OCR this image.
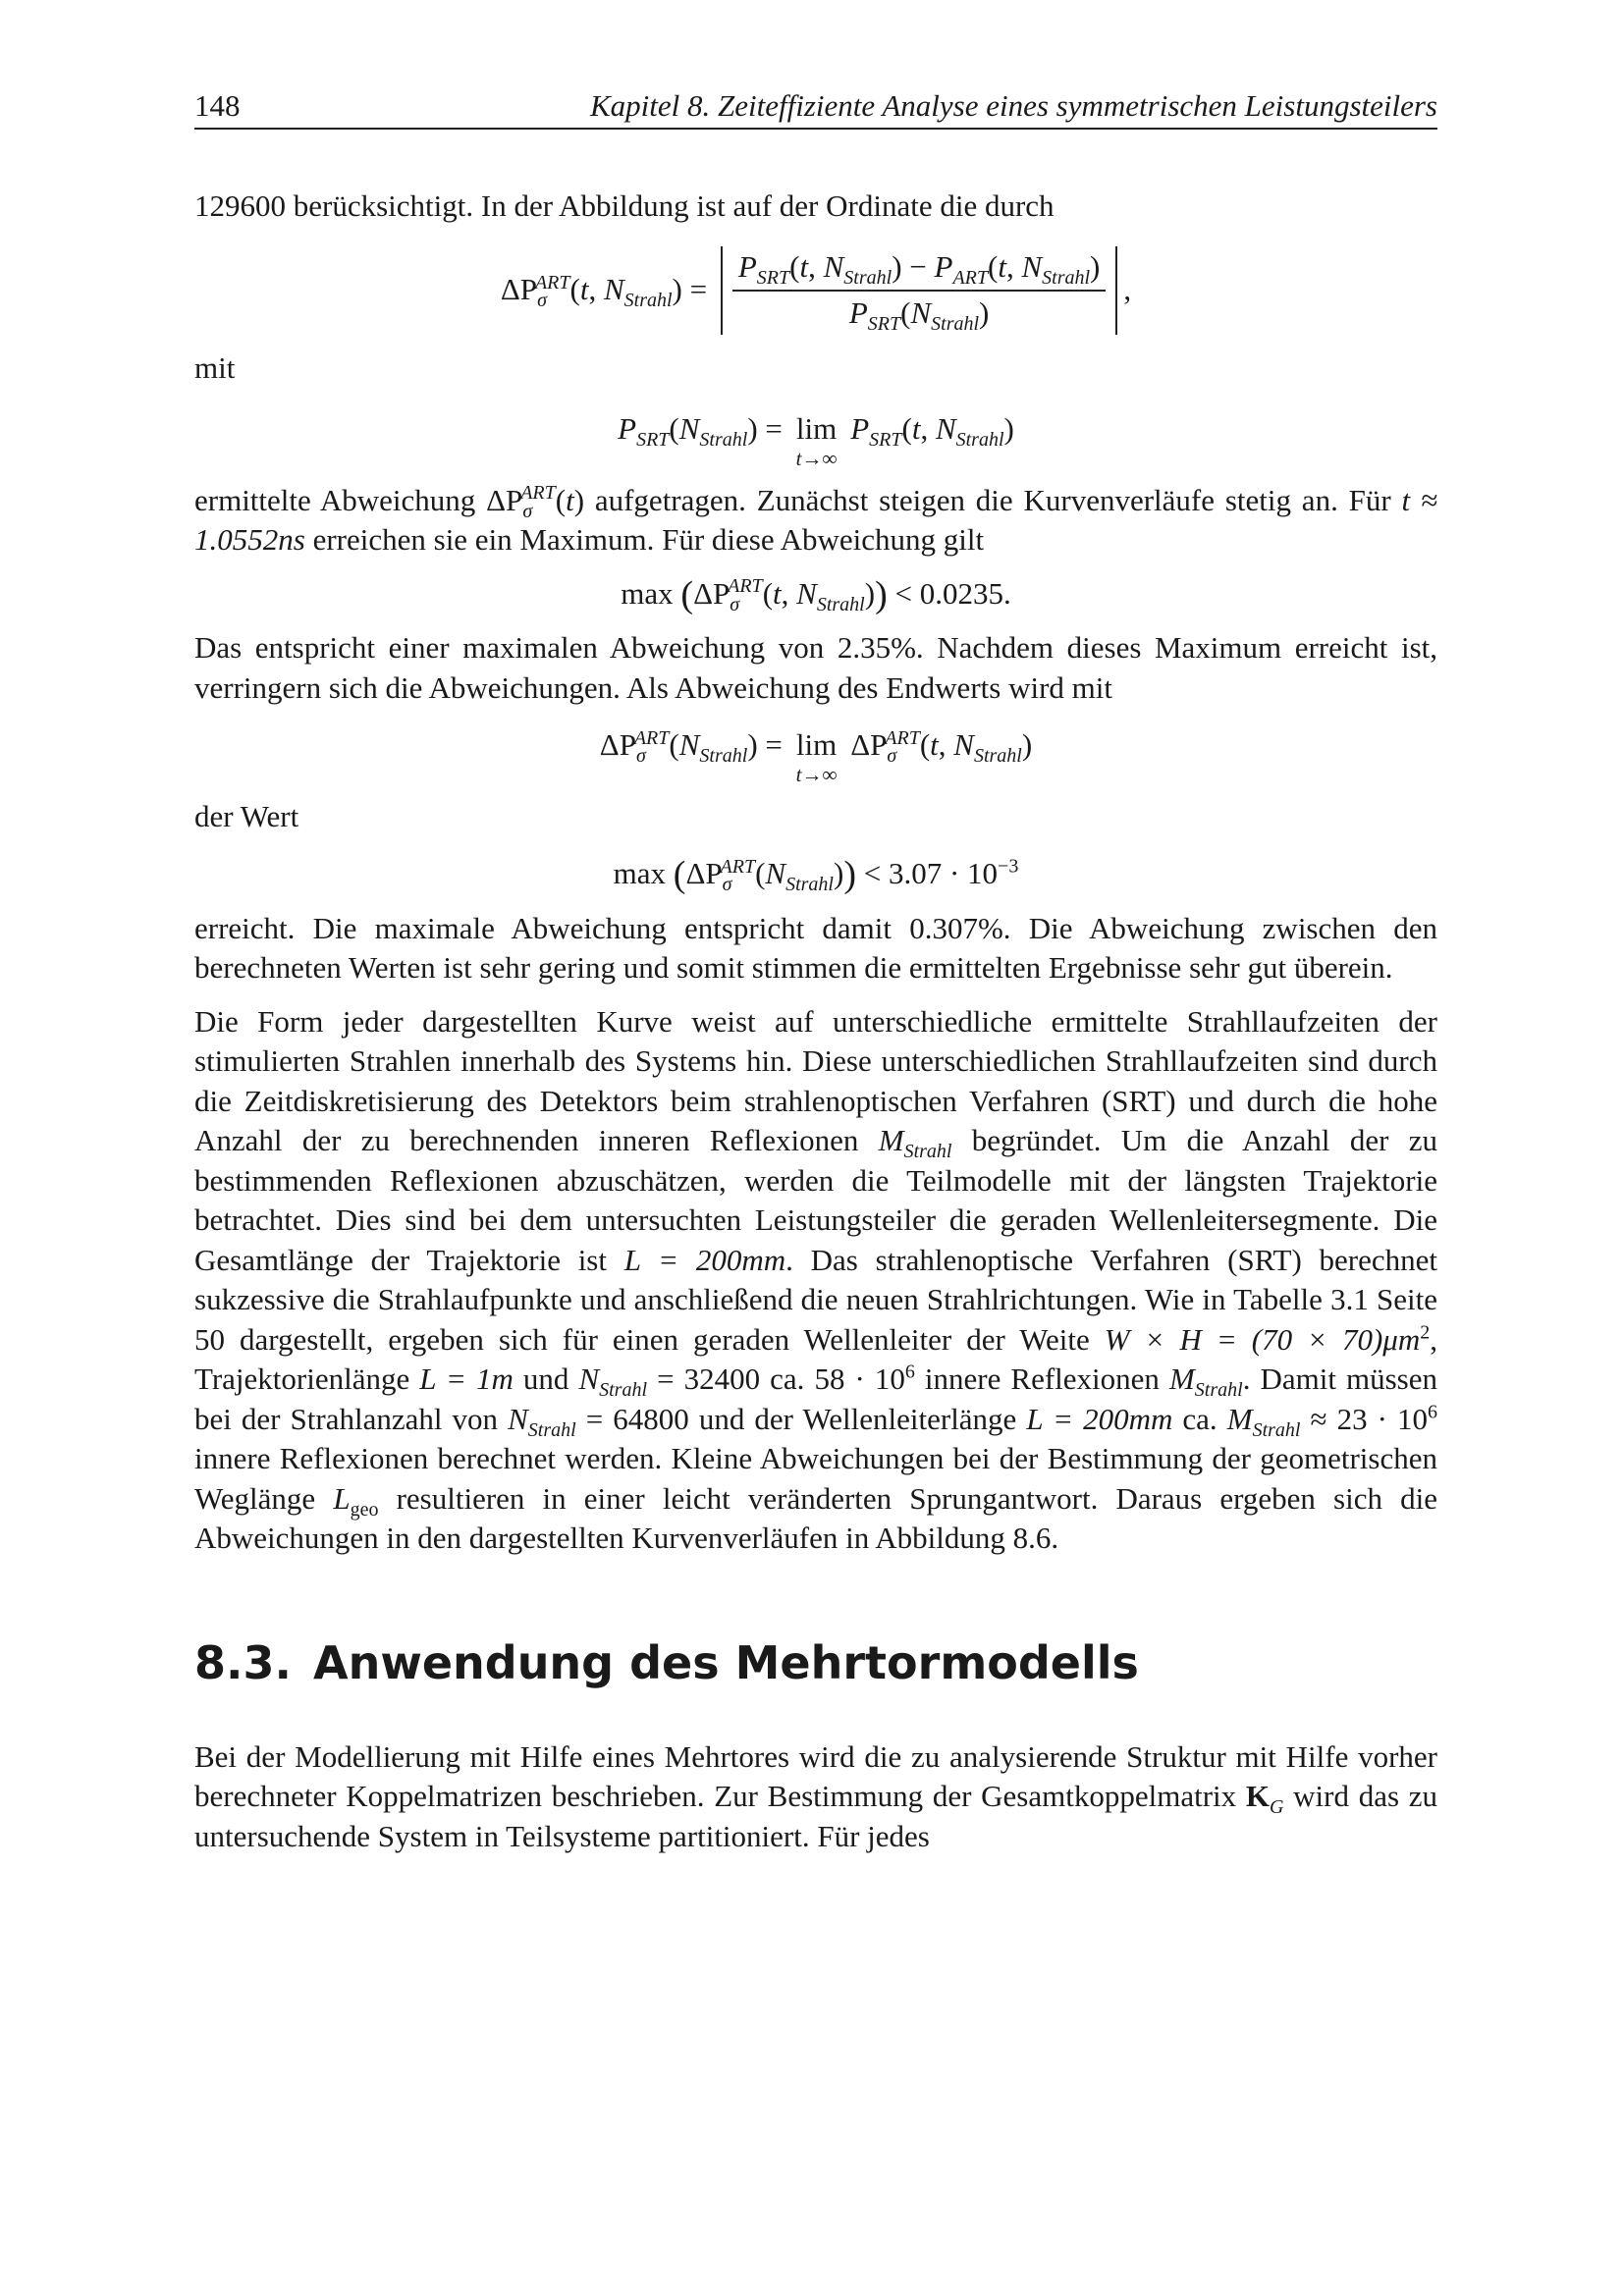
148	Kapitel 8. Zeiteffiziente Analyse eines symmetrischen Leistungsteilers

129600 berücksichtigt. In der Abbildung ist auf der Ordinate die durch

$\Delta P_\sigma^{ART}(t$, $N_{Strahl}) = \frac{P_{SRT}(t, N_{Strahl}) - P_{ART}(t, N_{Strahl})}{P_{SRT}(N_{Strahl})}$ ,

mit

$P_{SRT}(N_{Strahl}) = \lim$
t→∞
$P_{SRT}(t$, $N_{Strahl}$)

ermittelte Abweichung $\Delta P_\sigma^{ART}(t)$ aufgetragen. Zunächst steigen die Kurvenverläufe stetig an. Für t ≈ 1.0552ns erreichen sie ein Maximum. Für diese Abweichung gilt

$\max (\Delta P_\sigma^{ART}(t$, $N_{Strahl})) < 0.0235$.

Das entspricht einer maximalen Abweichung von 2.35%. Nachdem dieses Maximum erreicht ist, verringern sich die Abweichungen. Als Abweichung des Endwerts wird mit

$\Delta P_\sigma^{ART}(N_{Strahl}) = \lim$
t→∞
$\Delta P_\sigma^{ART}(t$, $N_{Strahl}$)

der Wert

$\max (\Delta P_\sigma^{ART}(N_{Strahl})) < 3.07 \cdot 10^{-3}$

erreicht. Die maximale Abweichung entspricht damit 0.307%. Die Abweichung zwischen den berechneten Werten ist sehr gering und somit stimmen die ermittelten Ergebnisse sehr gut überein.

Die Form jeder dargestellten Kurve weist auf unterschiedliche ermittelte Strahllaufzeiten der stimulierten Strahlen innerhalb des Systems hin. Diese unterschiedlichen Strahllaufzeiten sind durch die Zeitdiskretisierung des Detektors beim strahlenoptischen Verfahren (SRT) und durch die hohe Anzahl der zu berechnenden inneren Reflexionen $M_{Strahl}$ begründet. Um die Anzahl der zu bestimmenden Reflexionen abzuschätzen, werden die Teilmodelle mit der längsten Trajektorie betrachtet. Dies sind bei dem untersuchten Leistungsteiler die geraden Wellenleitersegmente. Die Gesamtlänge der Trajektorie ist L = 200mm. Das strahlenoptische Verfahren (SRT) berechnet sukzessive die Strahlaufpunkte und anschließend die neuen Strahlrichtungen. Wie in Tabelle 3.1 Seite 50 dargestellt, ergeben sich für einen geraden Wellenleiter der Weite $W \times H = (70 \times 70)\mu m^2$, Trajektorienlänge L = 1m und $N_{Strahl} = 32400$ ca. $58 \cdot 10^6$ innere Reflexionen $M_{Strahl}$. Damit müssen bei der Strahlanzahl von $N_{Strahl} = 64800$ und der Wellenleiterlänge L = 200mm ca. $M_{Strahl} \approx 23 \cdot 10^6$ innere Reflexionen berechnet werden. Kleine Abweichungen bei der Bestimmung der geometrischen Weglänge $L_{geo}$ resultieren in einer leicht veränderten Sprungantwort. Daraus ergeben sich die Abweichungen in den dargestellten Kurvenverläufen in Abbildung 8.6.

8.3. Anwendung des Mehrtormodells

Bei der Modellierung mit Hilfe eines Mehrtores wird die zu analysierende Struktur mit Hilfe vorher berechneter Koppelmatrizen beschrieben. Zur Bestimmung der Gesamtkoppelmatrix $K_G$ wird das zu untersuchende System in Teilsysteme partitioniert. Für jedes
